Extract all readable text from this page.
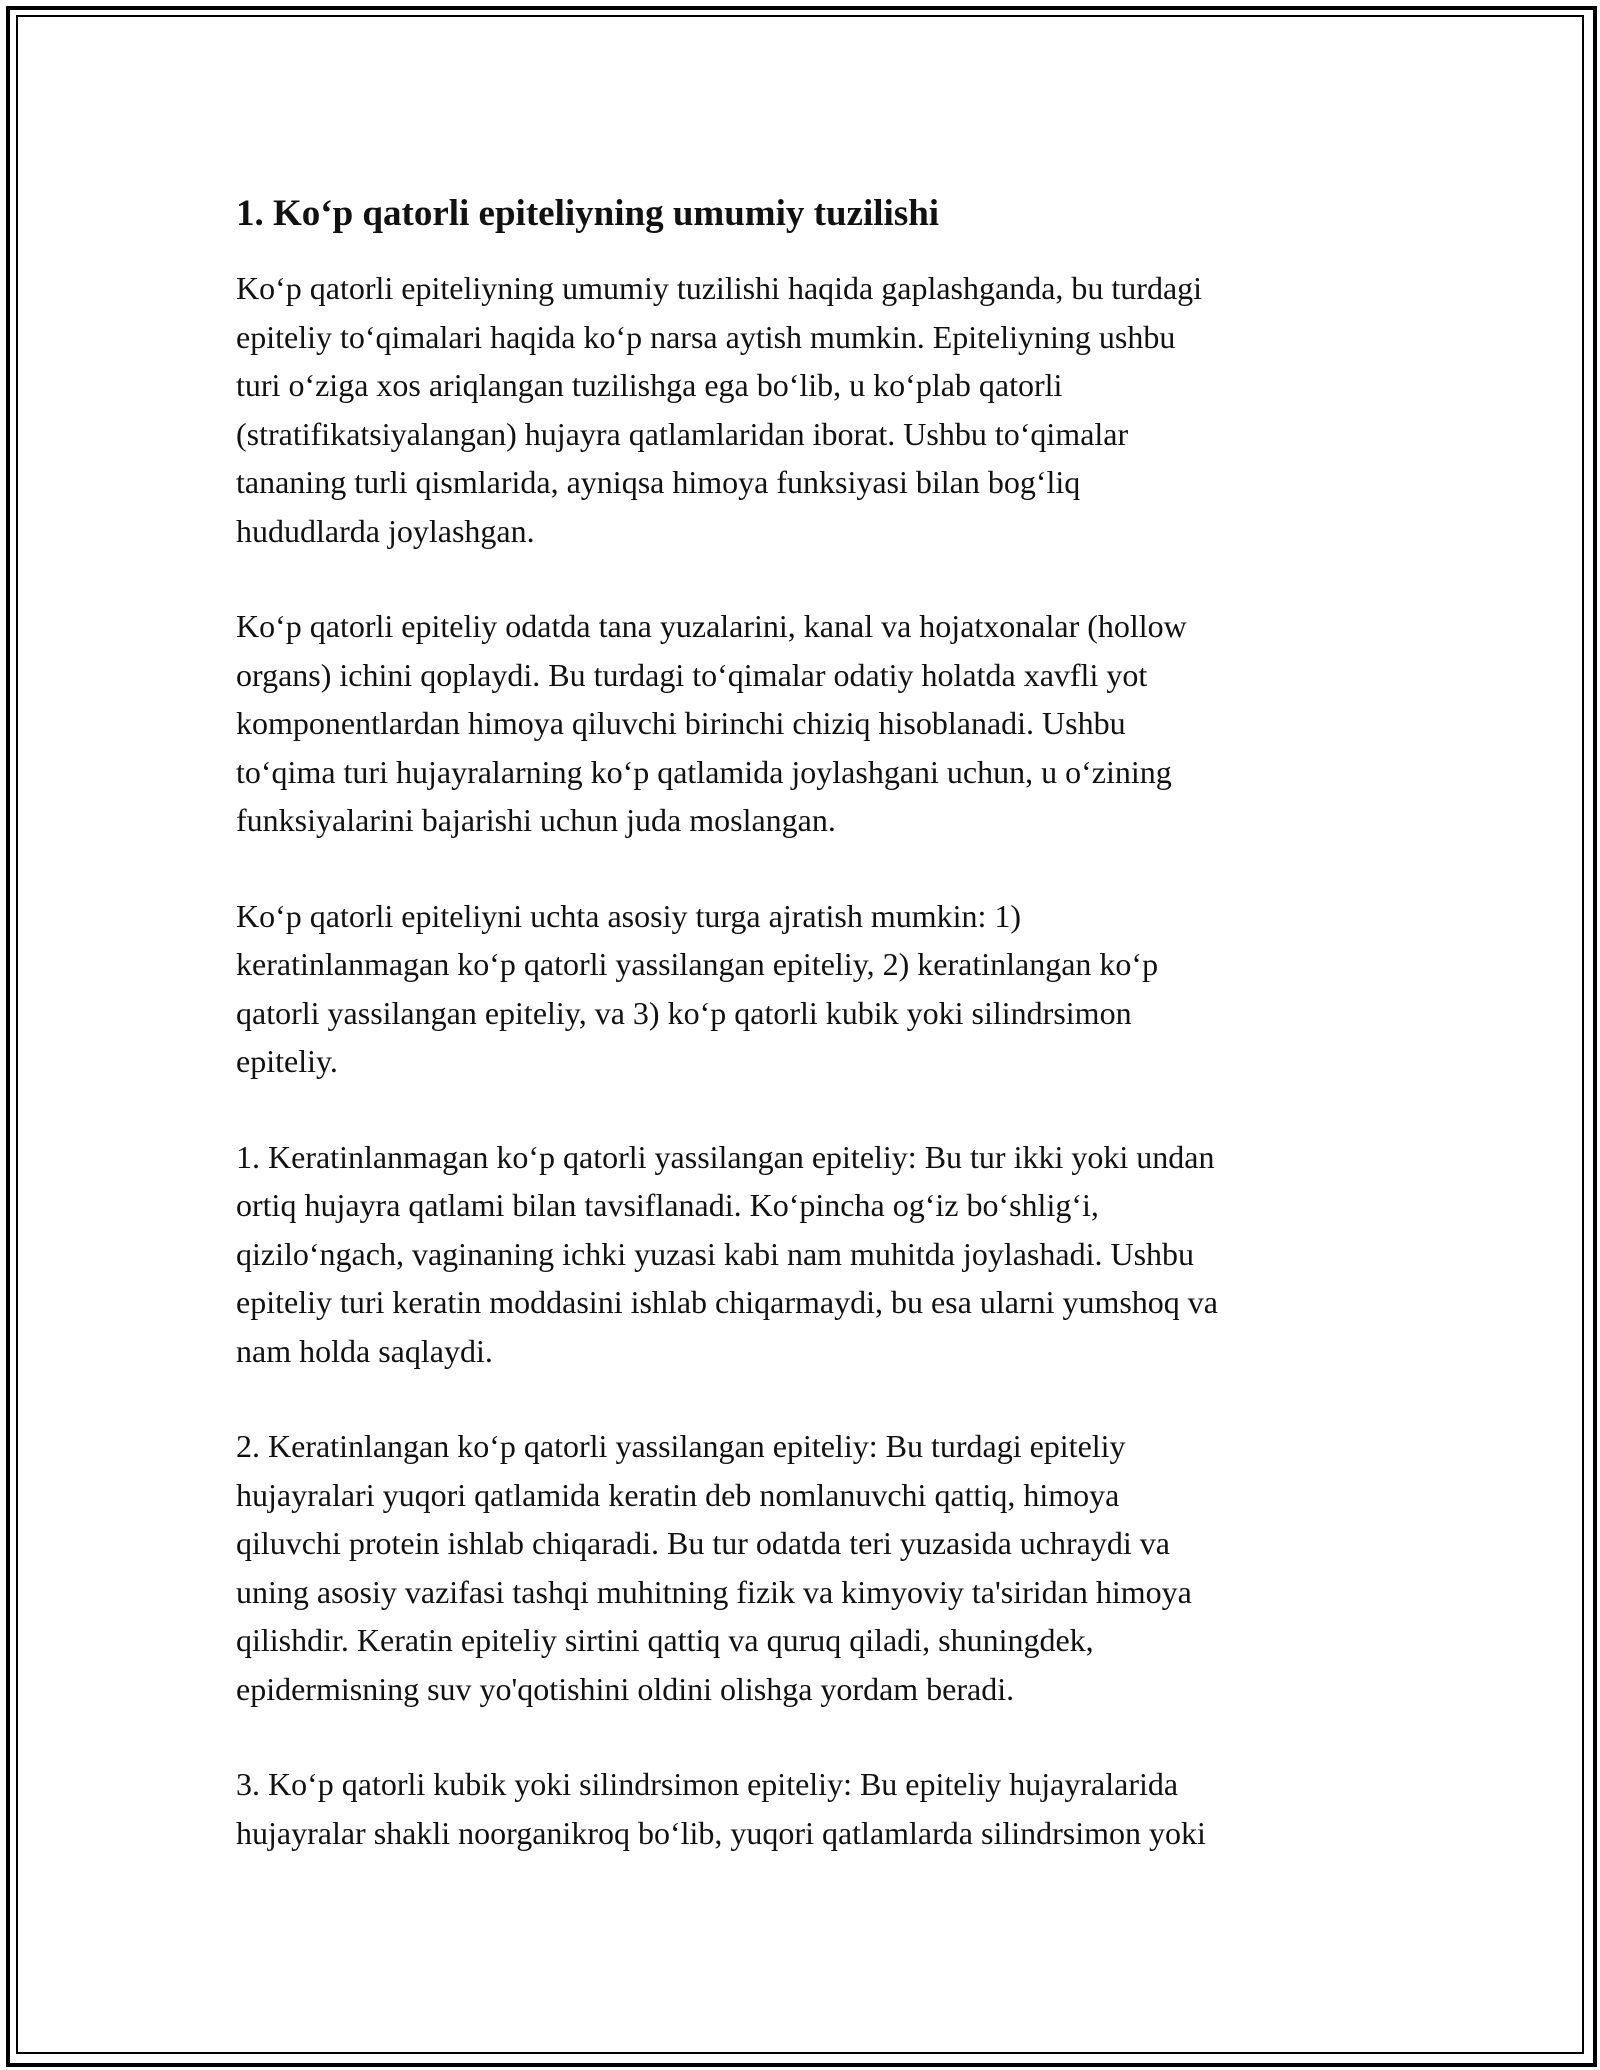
1. Ko‘p qatorli epiteliyning umumiy tuzilishi

Ko‘p qatorli epiteliyning umumiy tuzilishi haqida gaplashganda, bu turdagi
epiteliy to‘qimalari haqida ko‘p narsa aytish mumkin. Epiteliyning ushbu
turi o‘ziga xos ariqlangan tuzilishga ega bo‘lib, u ko‘plab qatorli
(stratifikatsiyalangan) hujayra qatlamlaridan iborat. Ushbu to‘qimalar
tananing turli qismlarida, ayniqsa himoya funksiyasi bilan bog‘liq
hududlarda joylashgan.

Ko‘p qatorli epiteliy odatda tana yuzalarini, kanal va hojatxonalar (hollow
organs) ichini qoplaydi. Bu turdagi to‘qimalar odatiy holatda xavfli yot
komponentlardan himoya qiluvchi birinchi chiziq hisoblanadi. Ushbu
to‘qima turi hujayralarning ko‘p qatlamida joylashgani uchun, u o‘zining
funksiyalarini bajarishi uchun juda moslangan.

Ko‘p qatorli epiteliyni uchta asosiy turga ajratish mumkin: 1)
keratinlanmagan ko‘p qatorli yassilangan epiteliy, 2) keratinlangan ko‘p
qatorli yassilangan epiteliy, va 3) ko‘p qatorli kubik yoki silindrsimon
epiteliy.

1. Keratinlanmagan ko‘p qatorli yassilangan epiteliy: Bu tur ikki yoki undan
ortiq hujayra qatlami bilan tavsiflanadi. Ko‘pincha og‘iz bo‘shlig‘i,
qizilo‘ngach, vaginaning ichki yuzasi kabi nam muhitda joylashadi. Ushbu
epiteliy turi keratin moddasini ishlab chiqarmaydi, bu esa ularni yumshoq va
nam holda saqlaydi.

2. Keratinlangan ko‘p qatorli yassilangan epiteliy: Bu turdagi epiteliy
hujayralari yuqori qatlamida keratin deb nomlanuvchi qattiq, himoya
qiluvchi protein ishlab chiqaradi. Bu tur odatda teri yuzasida uchraydi va
uning asosiy vazifasi tashqi muhitning fizik va kimyoviy ta'siridan himoya
qilishdir. Keratin epiteliy sirtini qattiq va quruq qiladi, shuningdek,
epidermisning suv yo'qotishini oldini olishga yordam beradi.

3. Ko‘p qatorli kubik yoki silindrsimon epiteliy: Bu epiteliy hujayralarida
hujayralar shakli noorganikroq bo‘lib, yuqori qatlamlarda silindrsimon yoki
